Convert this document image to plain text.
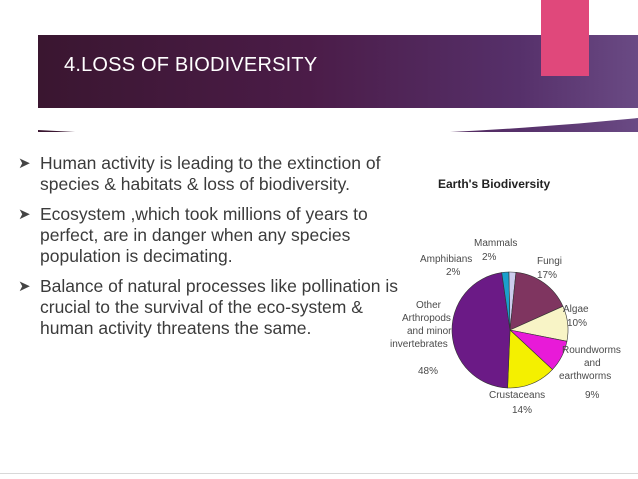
4.LOSS OF BIODIVERSITY
➤ Human activity is leading to the extinction of species & habitats & loss of biodiversity.
➤ Ecosystem ,which took millions of years to perfect, are in danger when any species population is decimating.
➤ Balance of natural processes like pollination is crucial to the survival of the eco-system & human activity threatens the same.
Earth's Biodiversity
Mammals
2%
Amphibians
2%
Fungi
17%
Algae
10%
Roundworms and earthworms
9%
Crustaceans
14%
Other Arthropods and minor invertebrates
48%
